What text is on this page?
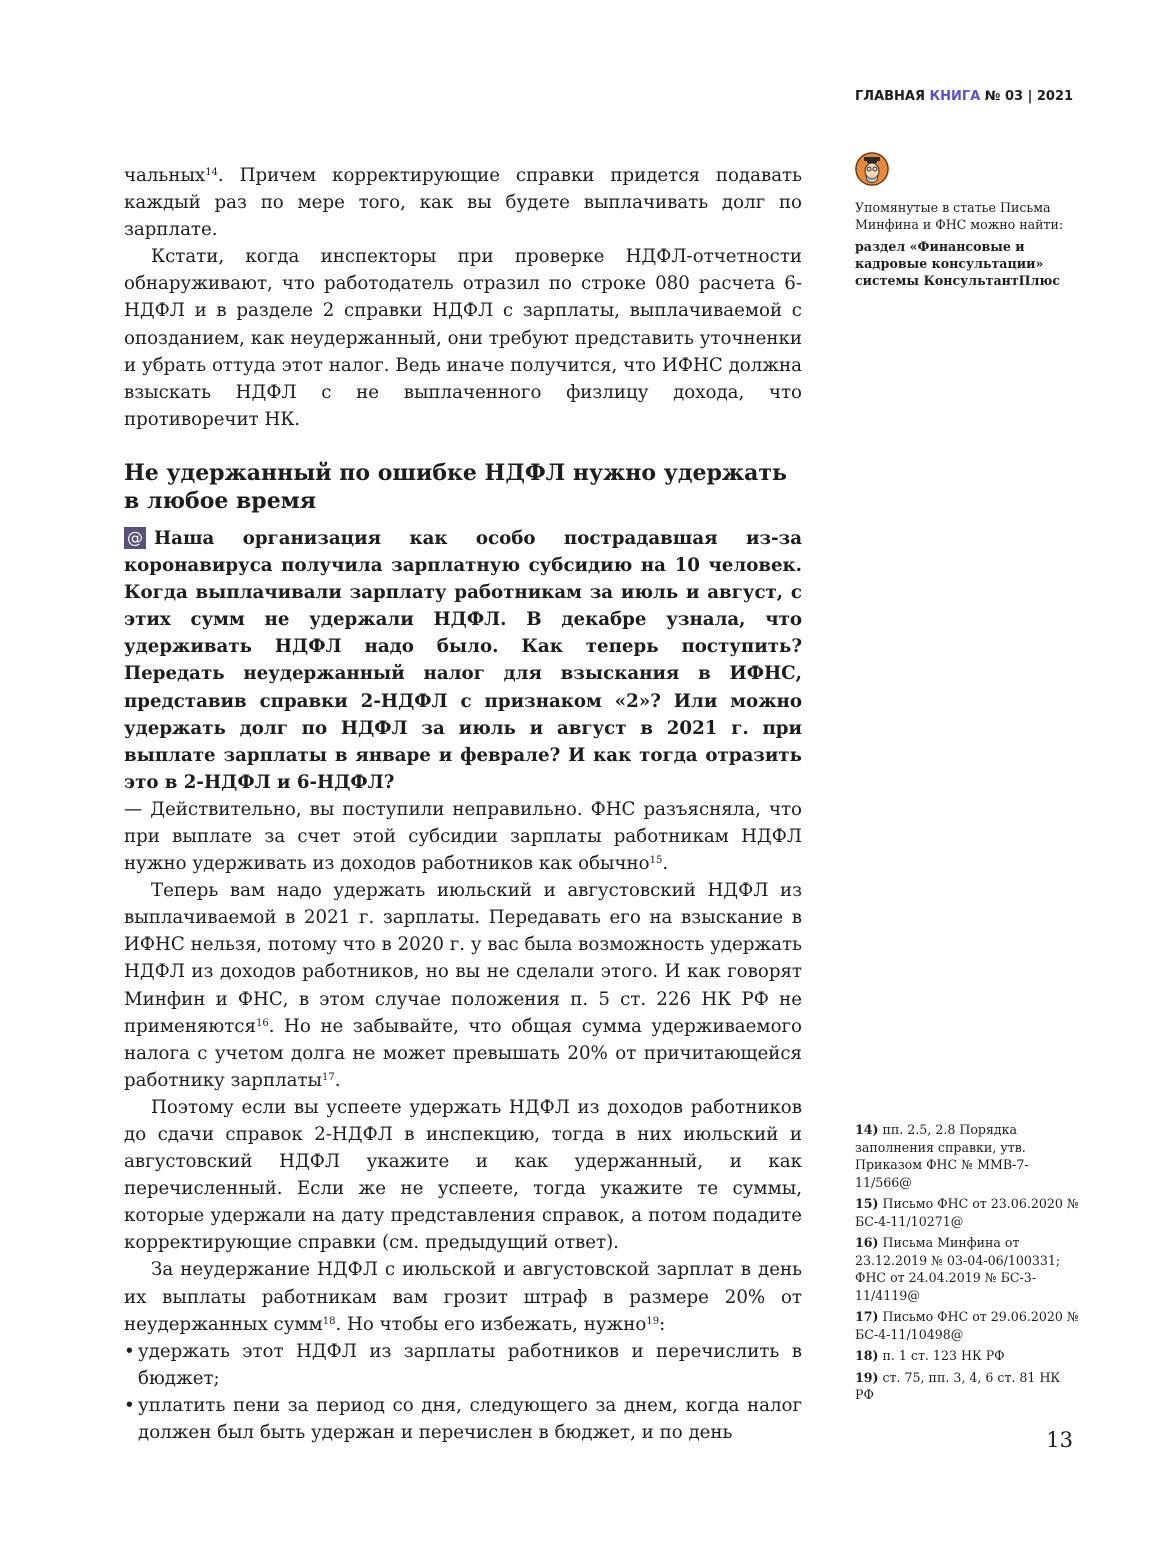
ГЛАВНАЯ КНИГА № 03 | 2021

чальных$^{14}$. Причем корректирующие справки придется подавать каждый раз по мере того, как вы будете выплачивать долг по зарплате.

Кстати, когда инспекторы при проверке НДФЛ-отчетности обнаруживают, что работодатель отразил по строке 080 расчета 6-НДФЛ и в разделе 2 справки НДФЛ с зарплаты, выплачиваемой с опозданием, как неудержанный, они требуют представить уточненки и убрать оттуда этот налог. Ведь иначе получится, что ИФНС должна взыскать НДФЛ с не выплаченного физлицу дохода, что противоречит НК.

Не удержанный по ошибке НДФЛ нужно удержать в любое время

@ Наша организация как особо пострадавшая из-за коронавируса получила зарплатную субсидию на 10 человек. Когда выплачивали зарплату работникам за июль и август, с этих сумм не удержали НДФЛ. В декабре узнала, что удерживать НДФЛ надо было. Как теперь поступить? Передать неудержанный налог для взыскания в ИФНС, представив справки 2-НДФЛ с признаком «2»? Или можно удержать долг по НДФЛ за июль и август в 2021 г. при выплате зарплаты в январе и феврале? И как тогда отразить это в 2-НДФЛ и 6-НДФЛ?

— Действительно, вы поступили неправильно. ФНС разъясняла, что при выплате за счет этой субсидии зарплаты работникам НДФЛ нужно удерживать из доходов работников как обычно$^{15}$.

Теперь вам надо удержать июльский и августовский НДФЛ из выплачиваемой в 2021 г. зарплаты. Передавать его на взыскание в ИФНС нельзя, потому что в 2020 г. у вас была возможность удержать НДФЛ из доходов работников, но вы не сделали этого. И как говорят Минфин и ФНС, в этом случае положения п. 5 ст. 226 НК РФ не применяются$^{16}$. Но не забывайте, что общая сумма удерживаемого налога с учетом долга не может превышать 20% от причитающейся работнику зарплаты$^{17}$.

Поэтому если вы успеете удержать НДФЛ из доходов работников до сдачи справок 2-НДФЛ в инспекцию, тогда в них июльский и августовский НДФЛ укажите и как удержанный, и как перечисленный. Если же не успеете, тогда укажите те суммы, которые удержали на дату представления справок, а потом подадите корректирующие справки (см. предыдущий ответ).

За неудержание НДФЛ с июльской и августовской зарплат в день их выплаты работникам вам грозит штраф в размере 20% от неудержанных сумм$^{18}$. Но чтобы его избежать, нужно$^{19}$:

• удержать этот НДФЛ из зарплаты работников и перечислить в бюджет;
• уплатить пени за период со дня, следующего за днем, когда налог должен был быть удержан и перечислен в бюджет, и по день
Упомянутые в статье Письма Минфина и ФНС можно найти:
раздел «Финансовые и кадровые консультации» системы КонсультантПлюс
14) пп. 2.5, 2.8 Порядка заполнения справки, утв. Приказом ФНС № ММВ-7-11/566@
15) Письмо ФНС от 23.06.2020 № БС-4-11/10271@
16) Письма Минфина от 23.12.2019 № 03-04-06/100331; ФНС от 24.04.2019 № БС-3-11/4119@
17) Письмо ФНС от 29.06.2020 № БС-4-11/10498@
18) п. 1 ст. 123 НК РФ
19) ст. 75, пп. 3, 4, 6 ст. 81 НК РФ
13
